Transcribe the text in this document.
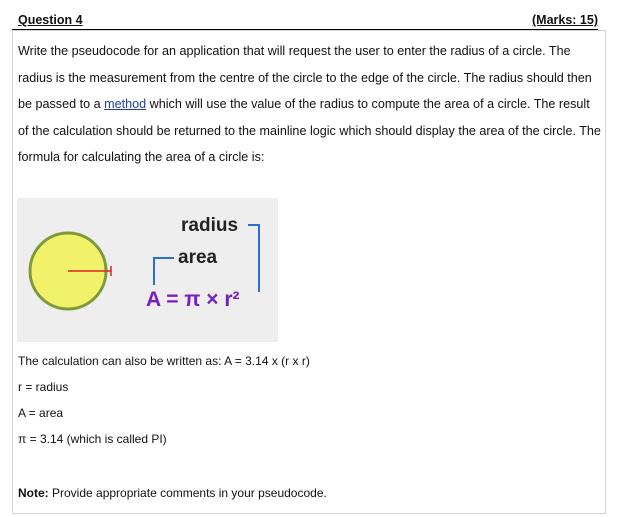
Question 4	(Marks: 15)

Write the pseudocode for an application that will request the user to enter the radius of a circle. The radius is the measurement from the centre of the circle to the edge of the circle. The radius should then be passed to a method which will use the value of the radius to compute the area of a circle. The result of the calculation should be returned to the mainline logic which should display the area of the circle. The formula for calculating the area of a circle is:

radius
area
A = π × r²
The calculation can also be written as: A = 3.14 x (r x r)
r = radius
A = area
π = 3.14 (which is called PI)
Note: Provide appropriate comments in your pseudocode.
